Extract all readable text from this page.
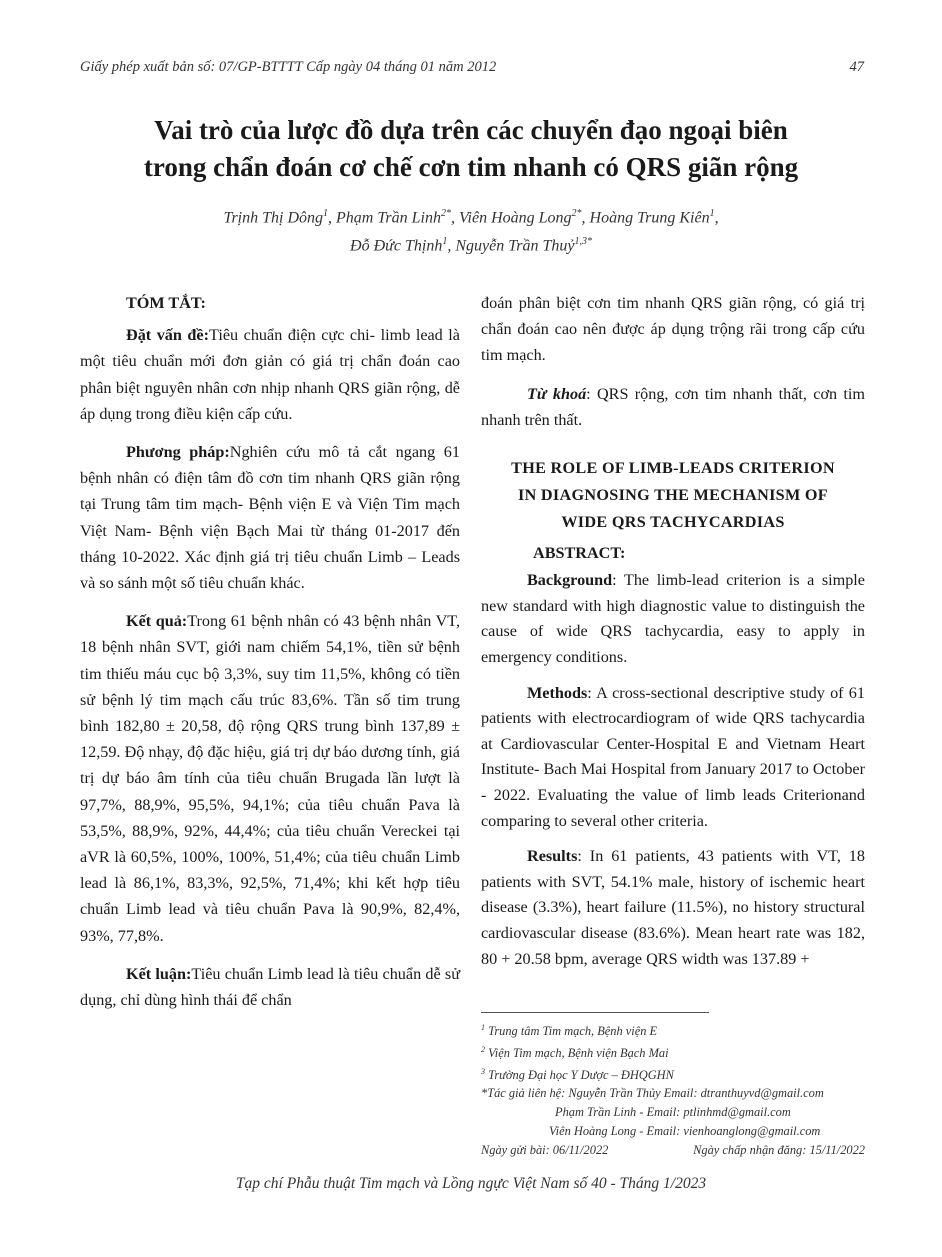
Giấy phép xuất bản số: 07/GP-BTTTT Cấp ngày 04 tháng 01 năm 2012	47
Vai trò của lược đồ dựa trên các chuyển đạo ngoại biên
trong chẩn đoán cơ chế cơn tim nhanh có QRS giãn rộng
Trịnh Thị Dông$^1$, Phạm Trần Linh$^{2*}$, Viên Hoàng Long$^{2*}$, Hoàng Trung Kiên$^1$,
Đỗ Đức Thịnh$^1$, Nguyễn Trần Thuỷ$^{1,3*}$
TÓM TẮT:

Đặt vấn đề:Tiêu chuẩn điện cực chi- limb lead là một tiêu chuẩn mới đơn giản có giá trị chẩn đoán cao phân biệt nguyên nhân cơn nhịp nhanh QRS giãn rộng, dễ áp dụng trong điều kiện cấp cứu.

Phương pháp:Nghiên cứu mô tả cắt ngang 61 bệnh nhân có điện tâm đồ cơn tim nhanh QRS giãn rộng tại Trung tâm tim mạch- Bệnh viện E và Viện Tim mạch Việt Nam- Bệnh viện Bạch Mai từ tháng 01-2017 đến tháng 10-2022. Xác định giá trị tiêu chuẩn Limb – Leads và so sánh một số tiêu chuẩn khác.

Kết quả:Trong 61 bệnh nhân có 43 bệnh nhân VT, 18 bệnh nhân SVT, giới nam chiếm 54,1%, tiền sử bệnh tim thiếu máu cục bộ 3,3%, suy tim 11,5%, không có tiền sử bệnh lý tim mạch cấu trúc 83,6%. Tần số tim trung bình 182,80 ± 20,58, độ rộng QRS trung bình 137,89 ± 12,59. Độ nhạy, độ đặc hiệu, giá trị dự báo dương tính, giá trị dự báo âm tính của tiêu chuẩn Brugada lần lượt là 97,7%, 88,9%, 95,5%, 94,1%; của tiêu chuẩn Pava là 53,5%, 88,9%, 92%, 44,4%; của tiêu chuẩn Vereckei tại aVR là 60,5%, 100%, 100%, 51,4%; của tiêu chuẩn Limb lead là 86,1%, 83,3%, 92,5%, 71,4%; khi kết hợp tiêu chuẩn Limb lead và tiêu chuẩn Pava là 90,9%, 82,4%, 93%, 77,8%.

Kết luận:Tiêu chuẩn Limb lead là tiêu chuẩn dễ sử dụng, chỉ dùng hình thái để chẩn

đoán phân biệt cơn tim nhanh QRS giãn rộng, có giá trị chẩn đoán cao nên được áp dụng trộng rãi trong cấp cứu tim mạch.

Từ khoá: QRS rộng, cơn tim nhanh thất, cơn tim nhanh trên thất.

THE ROLE OF LIMB-LEADS CRITERION
IN DIAGNOSING THE MECHANISM OF
WIDE QRS TACHYCARDIAS
ABSTRACT:

Background: The limb-lead criterion is a simple new standard with high diagnostic value to distinguish the cause of wide QRS tachycardia, easy to apply in emergency conditions.

Methods: A cross-sectional descriptive study of 61 patients with electrocardiogram of wide QRS tachycardia at Cardiovascular Center-Hospital E and Vietnam Heart Institute- Bach Mai Hospital from January 2017 to October - 2022. Evaluating the value of limb leads Criterionand comparing to several other criteria.

Results: In 61 patients, 43 patients with VT, 18 patients with SVT, 54.1% male, history of ischemic heart disease (3.3%), heart failure (11.5%), no history structural cardiovascular disease (83.6%). Mean heart rate was 182, 80 + 20.58 bpm, average QRS width was 137.89 +

$^1$ Trung tâm Tim mạch, Bệnh viện E
$^2$ Viện Tim mạch, Bệnh viện Bạch Mai
$^3$ Trường Đại học Y Dược – ĐHQGHN
*Tác giả liên hệ: Nguyễn Trần Thủy Email: dtranthuyvd@gmail.com
Phạm Trần Linh - Email: ptlinhmd@gmail.com
Viên Hoàng Long - Email: vienhoanglong@gmail.com
Ngày gửi bài: 06/11/2022	Ngày chấp nhận đăng: 15/11/2022
Tạp chí Phẫu thuật Tim mạch và Lồng ngực Việt Nam số 40 - Tháng 1/2023
